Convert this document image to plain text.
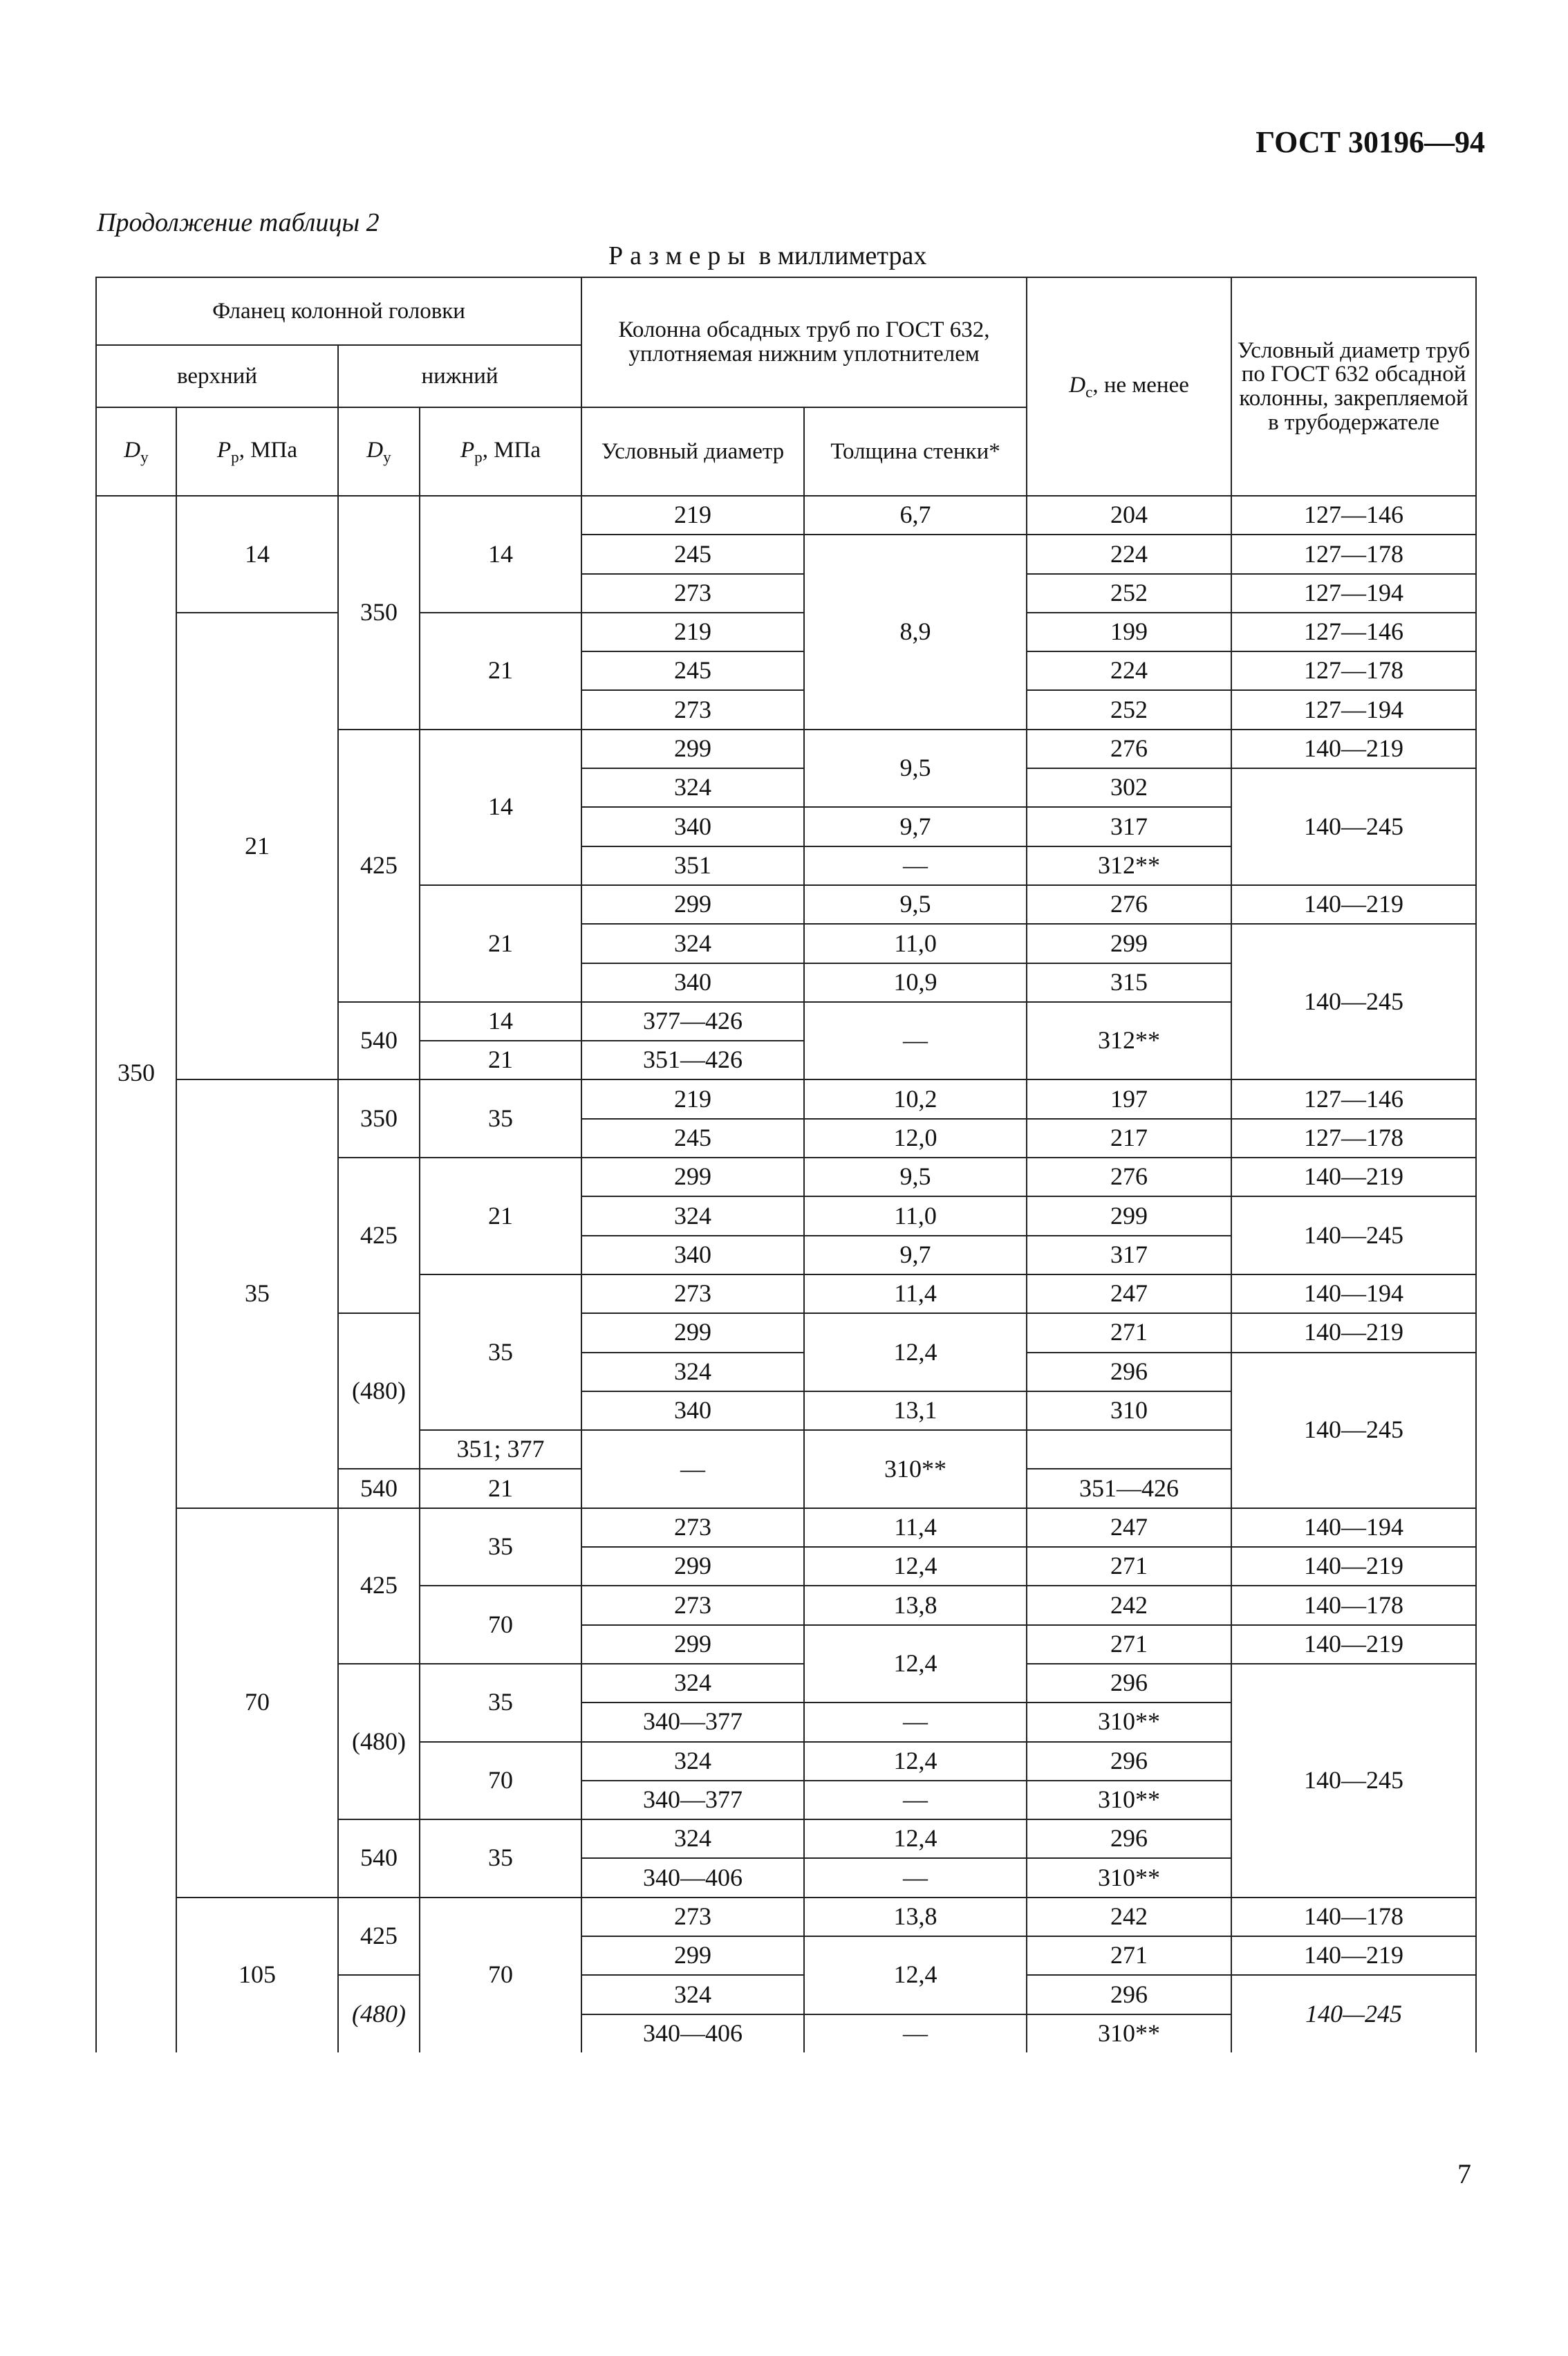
ГОСТ 30196—94
Продолжение таблицы 2
Размеры в миллиметрах
Фланец колонной головки				Колонна обсадных труб по ГОСТ 632, уплотняемая нижним уплотнителем		$D_с$, не менее	Условный диаметр труб по ГОСТ 632 обсадной колонны, закрепляемой в трубодержателе
верхний		нижний					
$D_у$	$P_р$, МПа	$D_у$	$P_р$, МПа	Условный диаметр	Толщина стенки*		
	14	350	14	219	6,7	204	127—146
				245	8,9	224	127—178
				273		252	127—194
	21		21	219		199	127—146
				245		224	127—178
				273		252	127—194
		425	14	299	9,5	276	140—219
				324		302	140—245
				340	9,7	317	
				351	—	312**	
			21	299	9,5	276	140—219
				324	11,0	299	140—245
				340	10,9	315	
		540	14	377—426	—	312**	
			21	351—426			

350	35	350	35	219	10,2	197	127—146
				245	12,0	217	127—178
		425	21	299	9,5	276	140—219
				324	11,0	299	140—245
				340	9,7	317	
			35	273	11,4	247	140—194
		(480)		299	12,4	271	140—219
				324		296	140—245
				340	13,1	310	
			351; 377	—	310**		
		540	21			351—426	
	70	425	35	273	11,4	247	140—194
				299	12,4	271	140—219
			70	273	13,8	242	140—178
				299	12,4	271	140—219
		(480)	35	324		296	140—245
				340—377	—	310**	
			70	324	12,4	296	
				340—377	—	310**	
		540	35	324	12,4	296	
				340—406	—	310**	
	105	425	70	273	13,8	242	140—178
				299	12,4	271	140—219
		(480)		324		296	140—245
				340—406	—	310**	
7
